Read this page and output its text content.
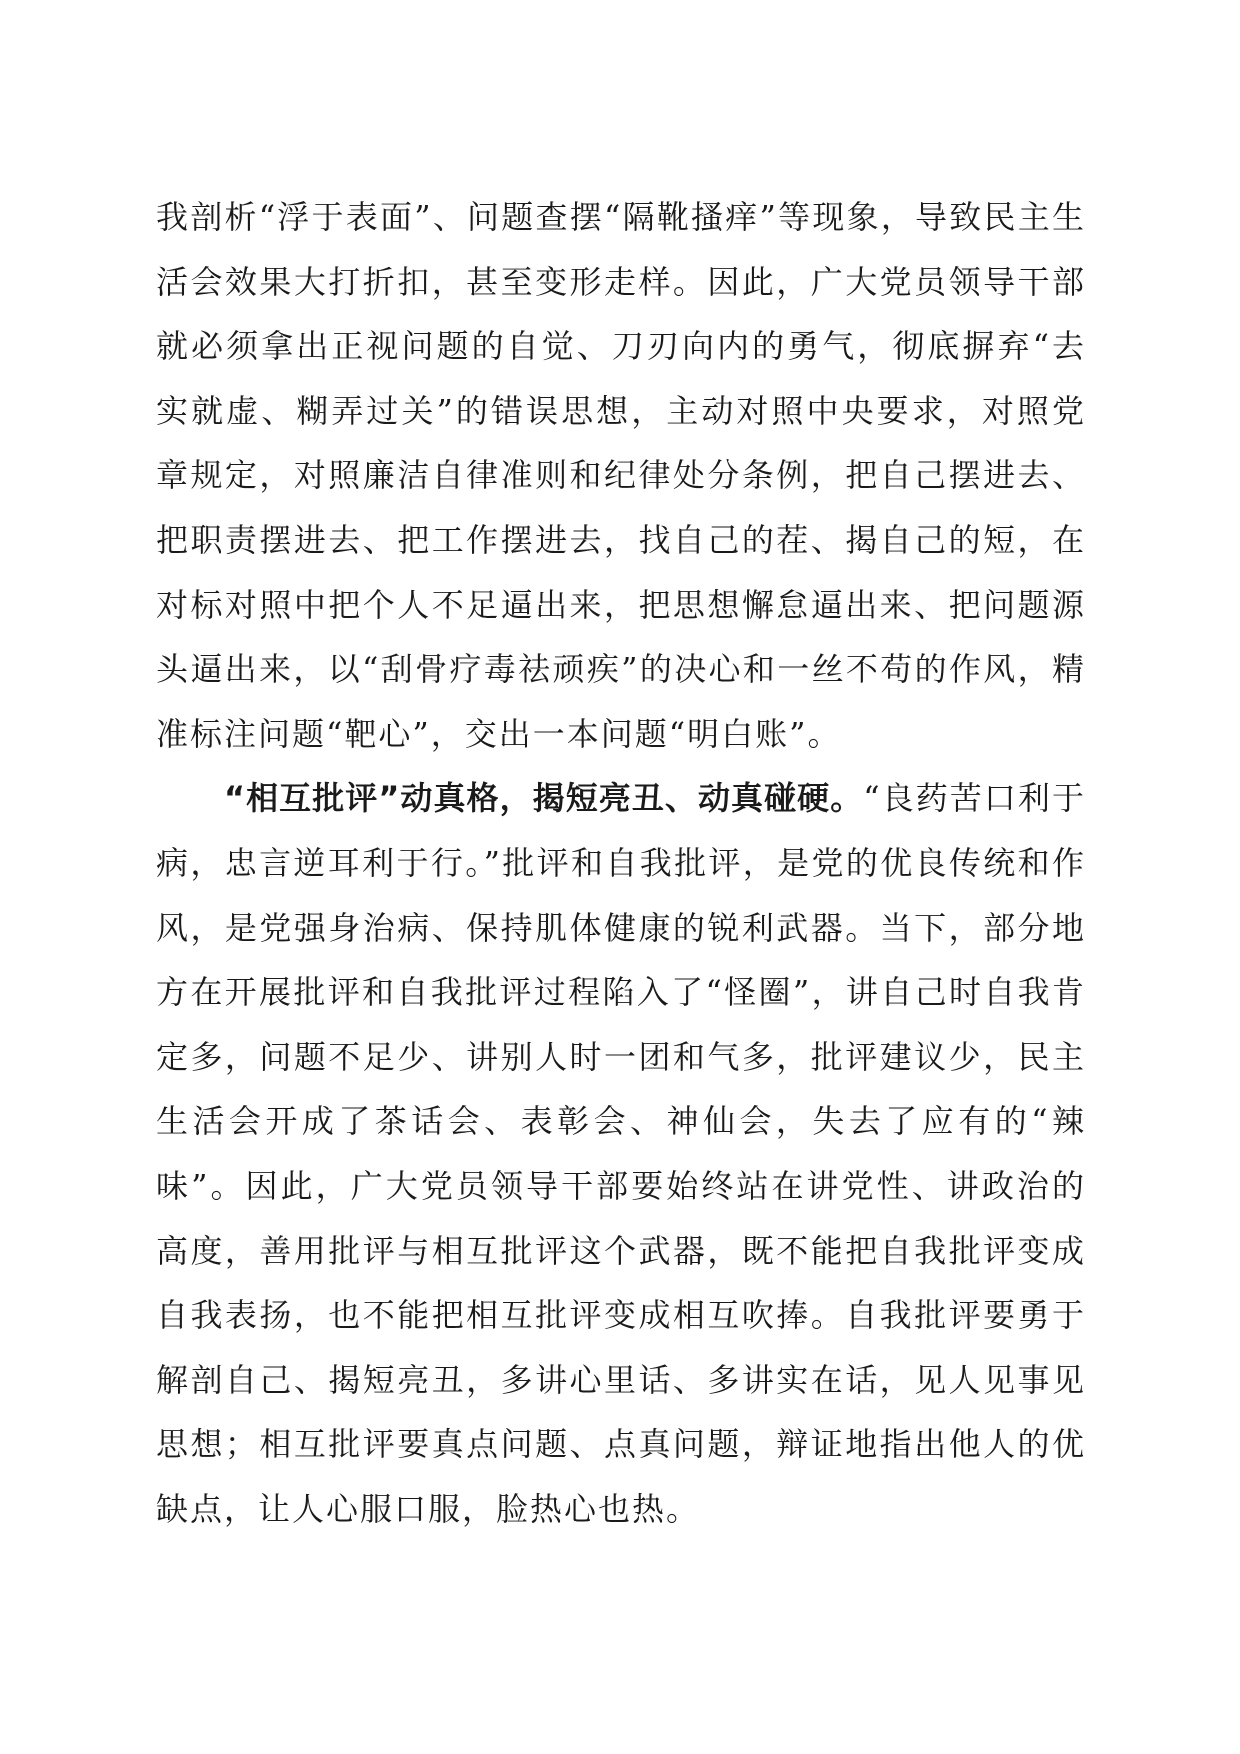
我剖析“浮于表面”、问题查摆“隔靴搔痒”等现象，导致民主生活会效果大打折扣，甚至变形走样。因此，广大党员领导干部就必须拿出正视问题的自觉、刀刃向内的勇气，彻底摒弃“去实就虚、糊弄过关”的错误思想，主动对照中央要求，对照党章规定，对照廉洁自律准则和纪律处分条例，把自己摆进去、把职责摆进去、把工作摆进去，找自己的茬、揭自己的短，在对标对照中把个人不足逼出来，把思想懈怠逼出来、把问题源头逼出来，以“刮骨疗毒祛顽疾”的决心和一丝不苟的作风，精准标注问题“靶心”，交出一本问题“明白账”。

“相互批评”动真格，揭短亮丑、动真碰硬。“良药苦口利于病，忠言逆耳利于行。”批评和自我批评，是党的优良传统和作风，是党强身治病、保持肌体健康的锐利武器。当下，部分地方在开展批评和自我批评过程陷入了“怪圈”，讲自己时自我肯定多，问题不足少、讲别人时一团和气多，批评建议少，民主生活会开成了茶话会、表彰会、神仙会，失去了应有的“辣味”。因此，广大党员领导干部要始终站在讲党性、讲政治的高度，善用批评与相互批评这个武器，既不能把自我批评变成自我表扬，也不能把相互批评变成相互吹捧。自我批评要勇于解剖自己、揭短亮丑，多讲心里话、多讲实在话，见人见事见思想；相互批评要真点问题、点真问题，辩证地指出他人的优缺点，让人心服口服，脸热心也热。
